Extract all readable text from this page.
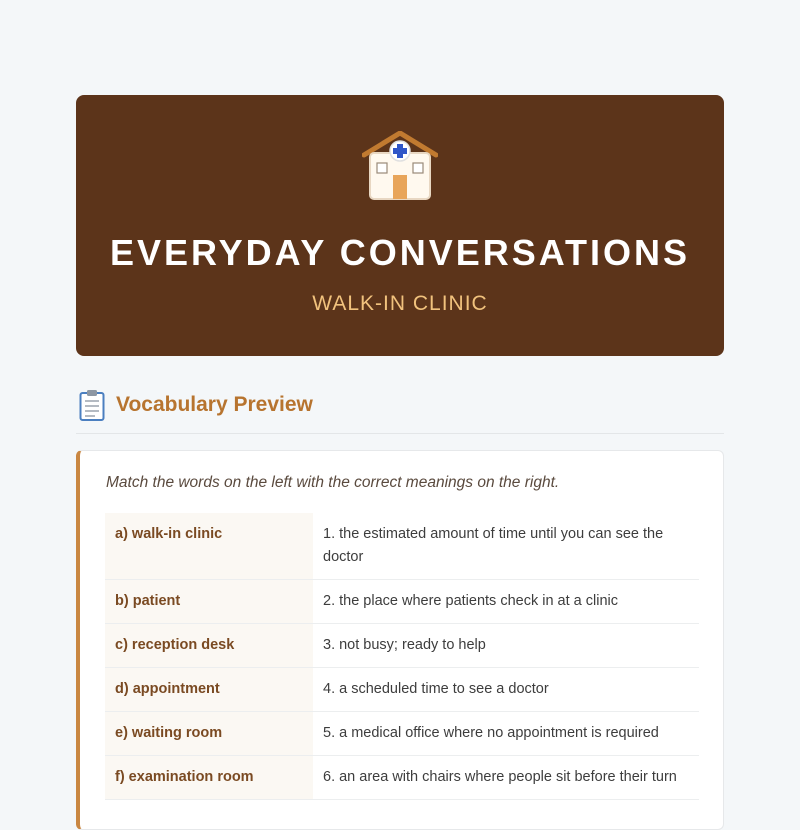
EVERYDAY CONVERSATIONS
WALK-IN CLINIC
Vocabulary Preview
Match the words on the left with the correct meanings on the right.
a) walk-in clinic	1. the estimated amount of time until you can see the doctor
b) patient	2. the place where patients check in at a clinic
c) reception desk	3. not busy; ready to help
d) appointment	4. a scheduled time to see a doctor
e) waiting room	5. a medical office where no appointment is required
f) examination room	6. an area with chairs where people sit before their turn
